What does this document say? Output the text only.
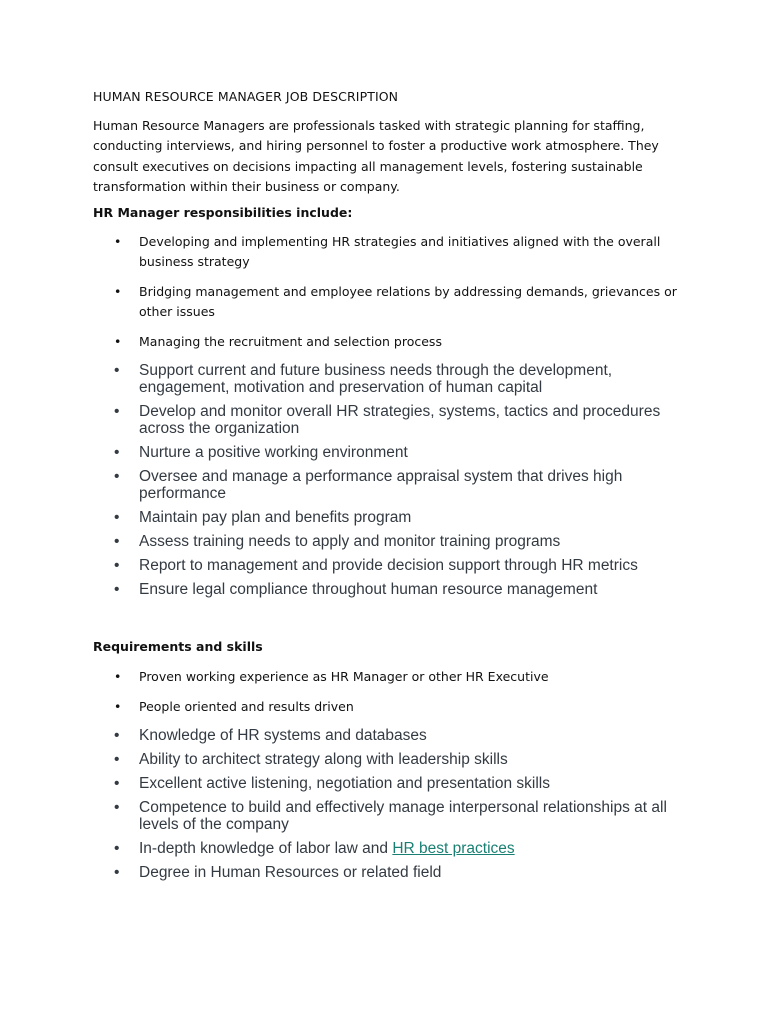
HUMAN RESOURCE MANAGER JOB DESCRIPTION

Human Resource Managers are professionals tasked with strategic planning for staffing, conducting interviews, and hiring personnel to foster a productive work atmosphere. They consult executives on decisions impacting all management levels, fostering sustainable transformation within their business or company.

HR Manager responsibilities include:

• Developing and implementing HR strategies and initiatives aligned with the overall business strategy
• Bridging management and employee relations by addressing demands, grievances or other issues
• Managing the recruitment and selection process
• Support current and future business needs through the development, engagement, motivation and preservation of human capital
• Develop and monitor overall HR strategies, systems, tactics and procedures across the organization
• Nurture a positive working environment
• Oversee and manage a performance appraisal system that drives high performance
• Maintain pay plan and benefits program
• Assess training needs to apply and monitor training programs
• Report to management and provide decision support through HR metrics
• Ensure legal compliance throughout human resource management

Requirements and skills

• Proven working experience as HR Manager or other HR Executive
• People oriented and results driven
• Knowledge of HR systems and databases
• Ability to architect strategy along with leadership skills
• Excellent active listening, negotiation and presentation skills
• Competence to build and effectively manage interpersonal relationships at all levels of the company
• In-depth knowledge of labor law and HR best practices
• Degree in Human Resources or related field
